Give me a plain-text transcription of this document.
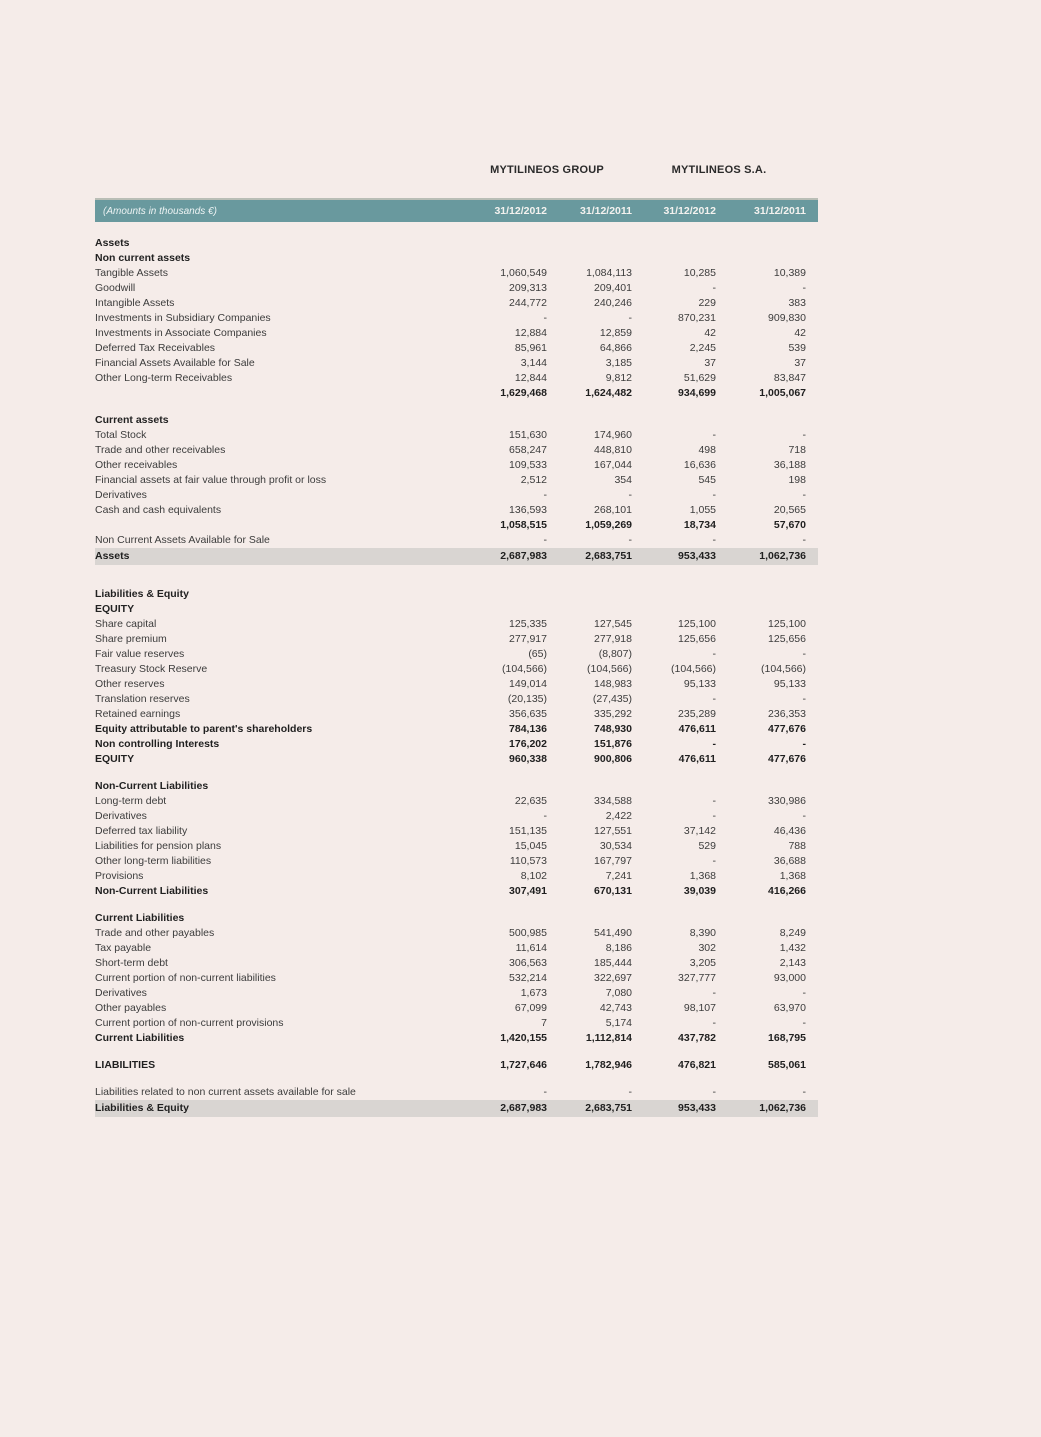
MYTILINEOS GROUP	MYTILINEOS S.A.
(Amounts in thousands €)	31/12/2012	31/12/2011	31/12/2012	31/12/2011
Assets
Non current assets
Tangible Assets	1,060,549	1,084,113	10,285	10,389
Goodwill	209,313	209,401	-	-
Intangible Assets	244,772	240,246	229	383
Investments in Subsidiary Companies	-	-	870,231	909,830
Investments in Associate Companies	12,884	12,859	42	42
Deferred Tax Receivables	85,961	64,866	2,245	539
Financial Assets Available for Sale	3,144	3,185	37	37
Other Long-term Receivables	12,844	9,812	51,629	83,847
1,629,468	1,624,482	934,699	1,005,067
Current assets
Total Stock	151,630	174,960	-	-
Trade and other receivables	658,247	448,810	498	718
Other receivables	109,533	167,044	16,636	36,188
Financial assets at fair value through profit or loss	2,512	354	545	198
Derivatives	-	-	-	-
Cash and cash equivalents	136,593	268,101	1,055	20,565
1,058,515	1,059,269	18,734	57,670
Non Current Assets Available for Sale	-	-	-	-
Assets	2,687,983	2,683,751	953,433	1,062,736
Liabilities & Equity
EQUITY
Share capital	125,335	127,545	125,100	125,100
Share premium	277,917	277,918	125,656	125,656
Fair value reserves	(65)	(8,807)	-	-
Treasury Stock Reserve	(104,566)	(104,566)	(104,566)	(104,566)
Other reserves	149,014	148,983	95,133	95,133
Translation reserves	(20,135)	(27,435)	-	-
Retained earnings	356,635	335,292	235,289	236,353
Equity attributable to parent's shareholders	784,136	748,930	476,611	477,676
Non controlling Interests	176,202	151,876	-	-
EQUITY	960,338	900,806	476,611	477,676
Non-Current Liabilities
Long-term debt	22,635	334,588	-	330,986
Derivatives	-	2,422	-	-
Deferred tax liability	151,135	127,551	37,142	46,436
Liabilities for pension plans	15,045	30,534	529	788
Other long-term liabilities	110,573	167,797	-	36,688
Provisions	8,102	7,241	1,368	1,368
Non-Current Liabilities	307,491	670,131	39,039	416,266
Current Liabilities
Trade and other payables	500,985	541,490	8,390	8,249
Tax payable	11,614	8,186	302	1,432
Short-term debt	306,563	185,444	3,205	2,143
Current portion of non-current liabilities	532,214	322,697	327,777	93,000
Derivatives	1,673	7,080	-	-
Other payables	67,099	42,743	98,107	63,970
Current portion of non-current provisions	7	5,174	-	-
Current Liabilities	1,420,155	1,112,814	437,782	168,795
LIABILITIES	1,727,646	1,782,946	476,821	585,061
Liabilities related to non current assets available for sale	-	-	-	-
Liabilities & Equity	2,687,983	2,683,751	953,433	1,062,736
